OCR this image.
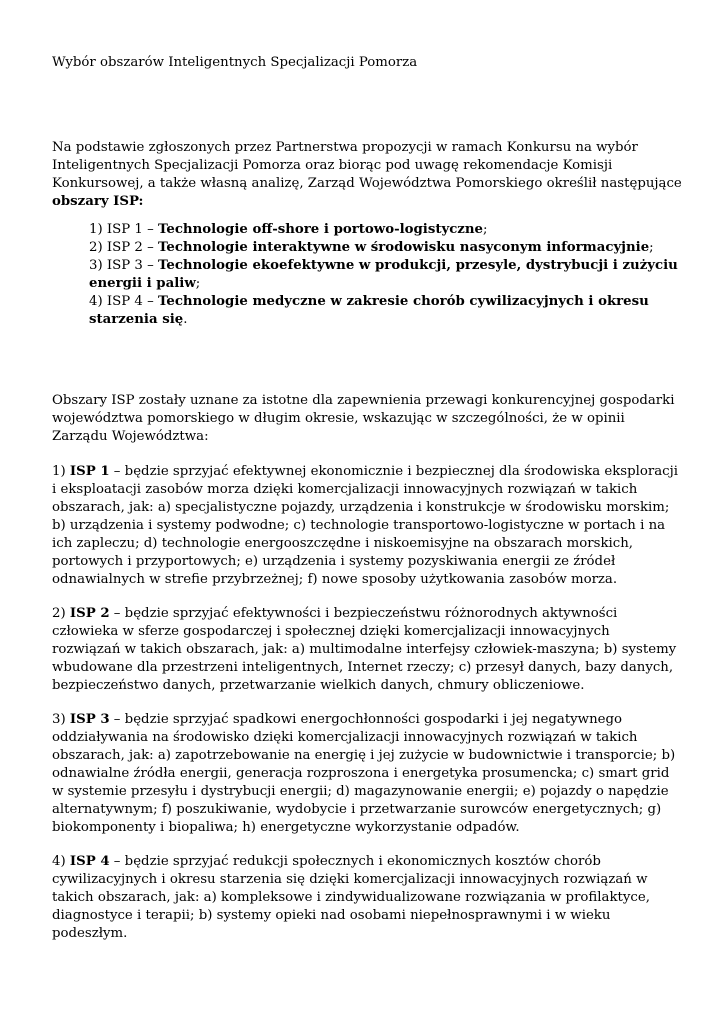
Wybór obszarów Inteligentnych Specjalizacji Pomorza

Na podstawie zgłoszonych przez Partnerstwa propozycji w ramach Konkursu na wybór Inteligentnych Specjalizacji Pomorza oraz biorąc pod uwagę rekomendacje Komisji Konkursowej, a także własną analizę, Zarząd Województwa Pomorskiego określił następujące obszary ISP:

1) ISP 1 – Technologie off-shore i portowo-logistyczne;
2) ISP 2 – Technologie interaktywne w środowisku nasyconym informacyjnie;
3) ISP 3 – Technologie ekoefektywne w produkcji, przesyle, dystrybucji i zużyciu energii i paliw;
4) ISP 4 – Technologie medyczne w zakresie chorób cywilizacyjnych i okresu starzenia się.

Obszary ISP zostały uznane za istotne dla zapewnienia przewagi konkurencyjnej gospodarki województwa pomorskiego w długim okresie, wskazując w szczególności, że w opinii Zarządu Województwa:

1) ISP 1 – będzie sprzyjać efektywnej ekonomicznie i bezpiecznej dla środowiska eksploracji i eksploatacji zasobów morza dzięki komercjalizacji innowacyjnych rozwiązań w takich obszarach, jak: a) specjalistyczne pojazdy, urządzenia i konstrukcje w środowisku morskim; b) urządzenia i systemy podwodne; c) technologie transportowo-logistyczne w portach i na ich zapleczu; d) technologie energooszczędne i niskoemisyjne na obszarach morskich, portowych i przyportowych; e) urządzenia i systemy pozyskiwania energii ze źródeł odnawialnych w strefie przybrzeżnej; f) nowe sposoby użytkowania zasobów morza.

2) ISP 2 – będzie sprzyjać efektywności i bezpieczeństwu różnorodnych aktywności człowieka w sferze gospodarczej i społecznej dzięki komercjalizacji innowacyjnych rozwiązań w takich obszarach, jak: a) multimodalne interfejsy człowiek-maszyna; b) systemy wbudowane dla przestrzeni inteligentnych, Internet rzeczy; c) przesył danych, bazy danych, bezpieczeństwo danych, przetwarzanie wielkich danych, chmury obliczeniowe.

3) ISP 3 – będzie sprzyjać spadkowi energochłonności gospodarki i jej negatywnego oddziaływania na środowisko dzięki komercjalizacji innowacyjnych rozwiązań w takich obszarach, jak: a) zapotrzebowanie na energię i jej zużycie w budownictwie i transporcie; b) odnawialne źródła energii, generacja rozproszona i energetyka prosumencka; c) smart grid w systemie przesyłu i dystrybucji energii; d) magazynowanie energii; e) pojazdy o napędzie alternatywnym; f) poszukiwanie, wydobycie i przetwarzanie surowców energetycznych; g) biokomponenty i biopaliwa; h) energetyczne wykorzystanie odpadów.

4) ISP 4 – będzie sprzyjać redukcji społecznych i ekonomicznych kosztów chorób cywilizacyjnych i okresu starzenia się dzięki komercjalizacji innowacyjnych rozwiązań w takich obszarach, jak: a) kompleksowe i zindywidualizowane rozwiązania w profilaktyce, diagnostyce i terapii; b) systemy opieki nad osobami niepełnosprawnymi i w wieku podeszłym.
